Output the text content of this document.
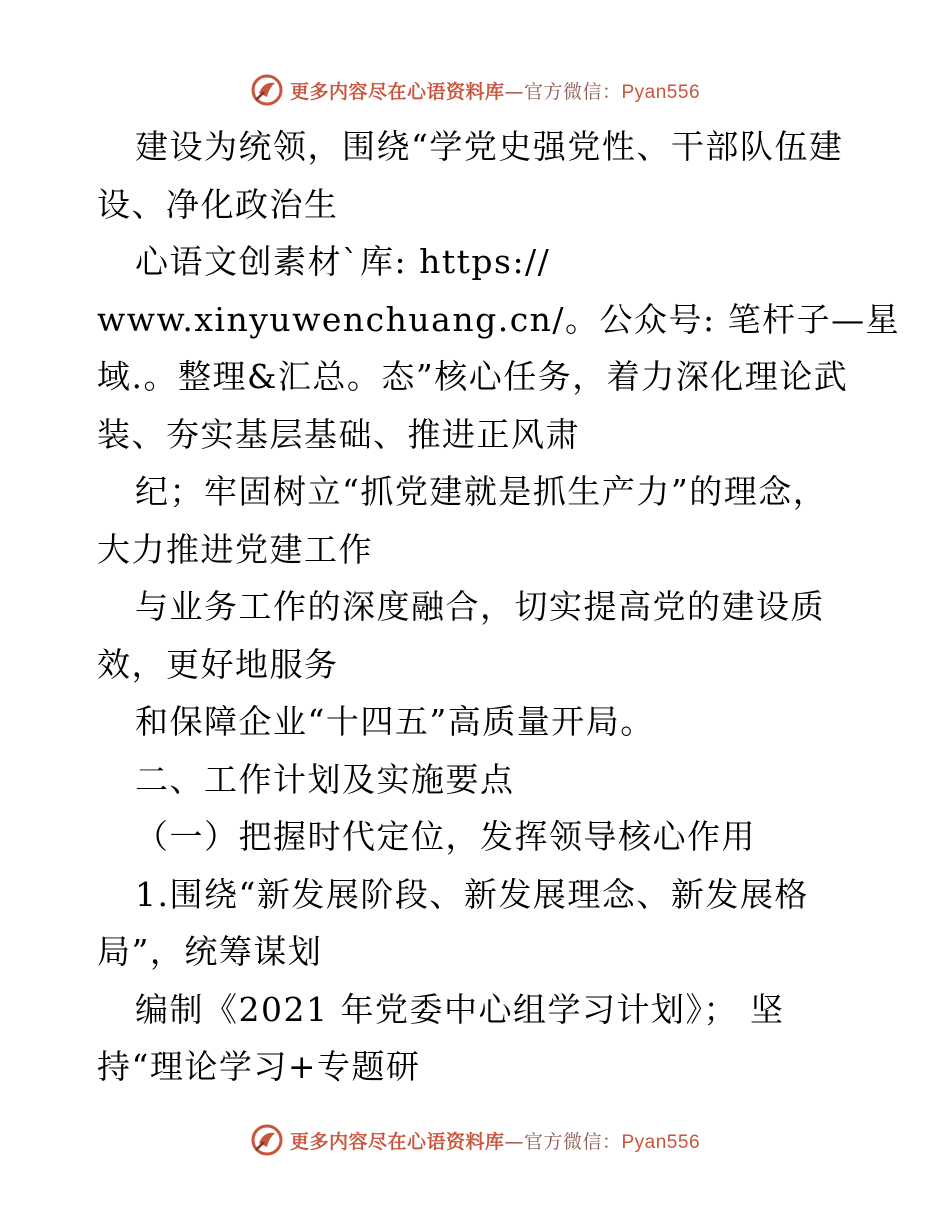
更多内容尽在心语资料库—官方微信：Pyan556
建设为统领，围绕“学党史强党性、干部队伍建
设、净化政治生
心语文创素材`库: https://
www.xinyuwenchuang.cn/。公众号: 笔杆子—星
域.。整理&汇总。态”核心任务，着力深化理论武
装、夯实基层基础、推进正风肃
纪；牢固树立“抓党建就是抓生产力”的理念，
大力推进党建工作
与业务工作的深度融合，切实提高党的建设质
效，更好地服务
和保障企业“十四五”高质量开局。
二、工作计划及实施要点
（一）把握时代定位，发挥领导核心作用
1.围绕“新发展阶段、新发展理念、新发展格
局”，统筹谋划
编制《2021 年党委中心组学习计划》； 坚
持“理论学习+专题研
更多内容尽在心语资料库—官方微信：Pyan556
